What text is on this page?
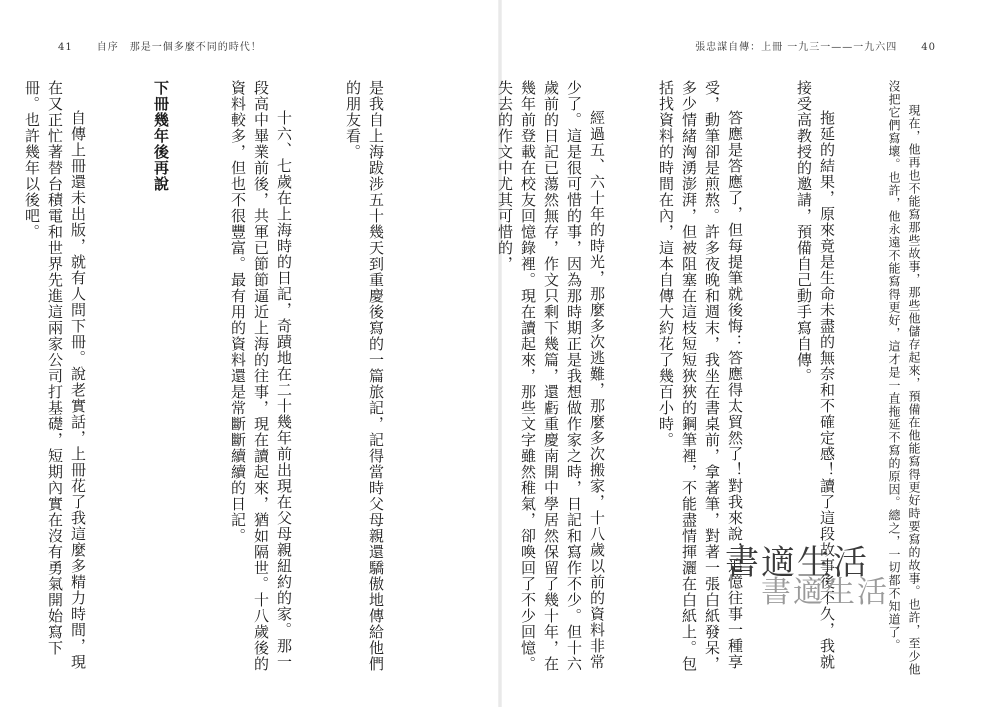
41 自序　那是一個多麼不同的時代！	張忠謀自傳：上冊 一九三一——一九六四 40

現在，他再也不能寫那些故事，那些他儲存起來，預備在他能寫得更好時要寫的故事。也許，至少他沒把它們寫壞。也許，他永遠不能寫得更好，這才是一直拖延不寫的原因。總之，一切都不知道了。

拖延的結果，原來竟是生命未盡的無奈和不確定感！讀了這段故事後不久，我就接受高教授的邀請，預備自己動手寫自傳。

答應是答應了，但每提筆就後悔：答應得太貿然了！對我來說，追憶往事一種享受，動筆卻是煎熬。許多夜晚和週末，我坐在書桌前，拿著筆，對著一張白紙發呆，多少情緒洶湧澎湃，但被阻塞在這枝短短狹狹的鋼筆裡，不能盡情揮灑在白紙上。包括找資料的時間在內，這本自傳大約花了幾百小時。

經過五、六十年的時光，那麼多次逃難，那麼多次搬家，十八歲以前的資料非常少了。這是很可惜的事，因為那時期正是我想做作家之時，日記和寫作不少。但十六歲前的日記已蕩然無存，作文只剩下幾篇，還虧重慶南開中學居然保留了幾十年，在幾年前登載在校友回憶錄裡。現在讀起來，那些文字雖然稚氣，卻喚回了不少回憶。失去的作文中尤其可惜的，

是我自上海跋涉五十幾天到重慶後寫的一篇旅記，記得當時父母親還驕傲地傳給他們的朋友看。

十六、七歲在上海時的日記，奇蹟地在二十幾年前出現在父母親紐約的家。那一段高中畢業前後，共軍已節節逼近上海的往事，現在讀起來，猶如隔世。十八歲後的資料較多，但也不很豐富。最有用的資料還是常斷斷續續的日記。

下冊幾年後再說

自傳上冊還未出版，就有人問下冊。說老實話，上冊花了我這麼多精力時間，現在又正忙著替台積電和世界先進這兩家公司打基礎，短期內實在沒有勇氣開始寫下冊。也許幾年以後吧。

書適生活
書適生活
